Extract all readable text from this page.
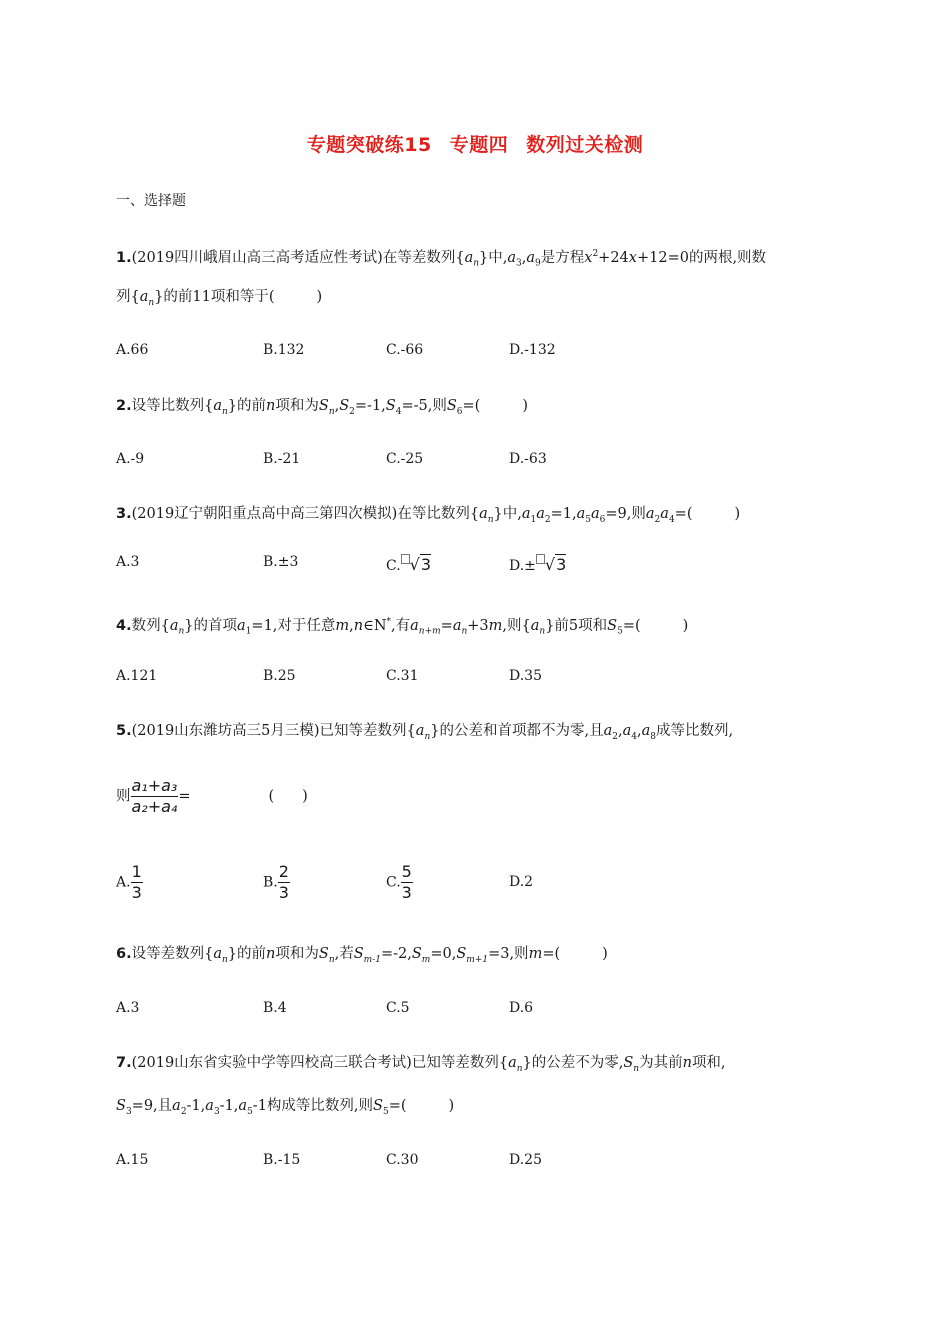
专题突破练15 专题四 数列过关检测
一、选择题
1.(2019四川峨眉山高三高考适应性考试)在等差数列$\{a_n\}$中$,a_3,a_9$是方程$x^2+24x+12=0$的两根,则数
列$\{a_n\}$的前11项和等于(	)
A.66	B.132	C.-66	D.-132
2.设等比数列$\{a_n\}$的前n项和为$S_n,S_2=-1,S_4=-5$,则$S_6=$(	)
A.-9	B.-21	C.-25	D.-63
3.(2019辽宁朝阳重点高中高三第四次模拟)在等比数列$\{a_n\}$中$,a_1a_2=1,a_5a_6=9$,则$a_2a_4=$(	)
A.3	B.±3	C. √3	D.± √3
4.数列$\{a_n\}$的首项$a_1=1$,对于任意m,n∈N*,有$a_{n+m}=a_n+3m$,则$\{a_n\}$前5项和$S_5=$(	)
A.121	B.25	C.31	D.35
5.(2019山东潍坊高三5月三模)已知等差数列$\{a_n\}$的公差和首项都不为零,且$a_2,a_4,a_8$成等比数列,
则 $\frac{\text{a₁+a₃}}{\text{a₂+a₄}}$ =	( )
A. $\frac{1}{3}$	B. $\frac{2}{3}$	C. $\frac{5}{3}$	D.2
6.设等差数列$\{a_n\}$的前n项和为$S_n$,若$S_{m-1}=-2,S_m=0,S_{m+1}=3$,则m=(	)
A.3	B.4	C.5	D.6
7.(2019山东省实验中学等四校高三联合考试)已知等差数列$\{a_n\}$的公差不为零$,S_n$为其前n项和,
$S_3=9$,且$a_2-1,a_3-1,a_5-1$构成等比数列,则$S_5=$(	)
A.15	B.-15	C.30	D.25
